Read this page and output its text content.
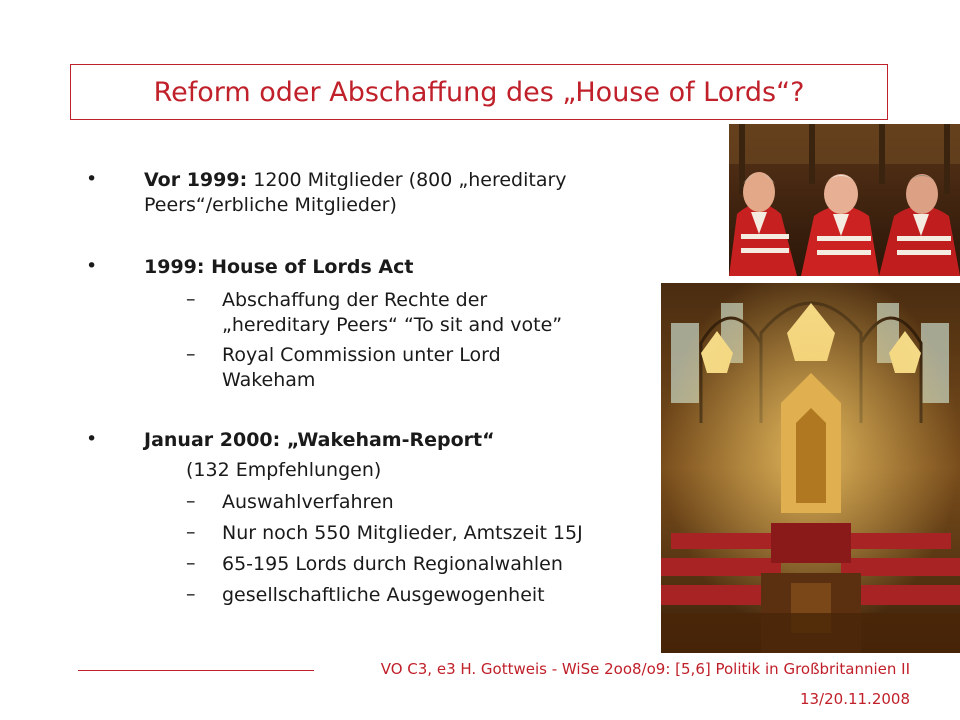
Reform oder Abschaffung des „House of Lords“?
• Vor 1999: 1200 Mitglieder (800 „hereditary
Peers“/erbliche Mitglieder)
• 1999: House of Lords Act
– Abschaffung der Rechte der
„hereditary Peers“ “To sit and vote”
– Royal Commission unter Lord
Wakeham
• Januar 2000: „Wakeham-Report“
(132 Empfehlungen)
– Auswahlverfahren
– Nur noch 550 Mitglieder, Amtszeit 15J
– 65-195 Lords durch Regionalwahlen
– gesellschaftliche Ausgewogenheit
VO C3, e3 H. Gottweis - WiSe 2oo8/o9: [5,6] Politik in Großbritannien II
13/20.11.2008
